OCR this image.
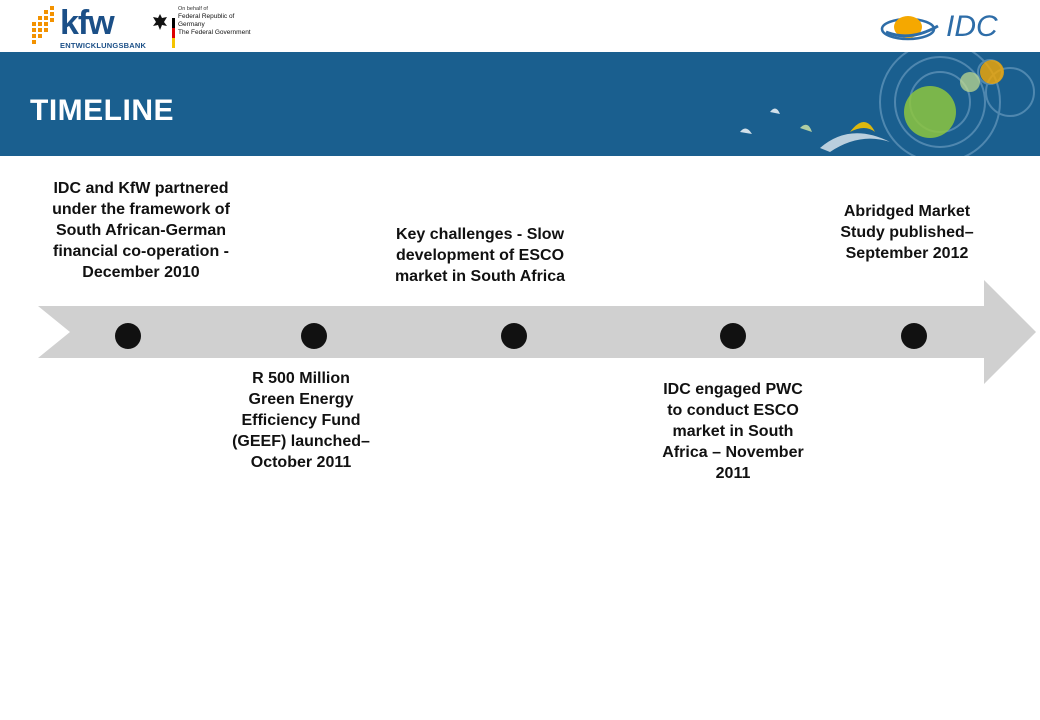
kfw
ENTWICKLUNGSBANK
On behalf of
Federal Republic of Germany
The Federal Government	IDC
TIMELINE
IDC and KfW partnered under the framework of South African-German financial co-operation - December 2010
Key challenges - Slow development of ESCO market in South Africa
Abridged Market Study published– September 2012
R 500 Million Green Energy Efficiency Fund (GEEF) launched– October 2011
IDC engaged PWC to conduct ESCO market in South Africa – November 2011
